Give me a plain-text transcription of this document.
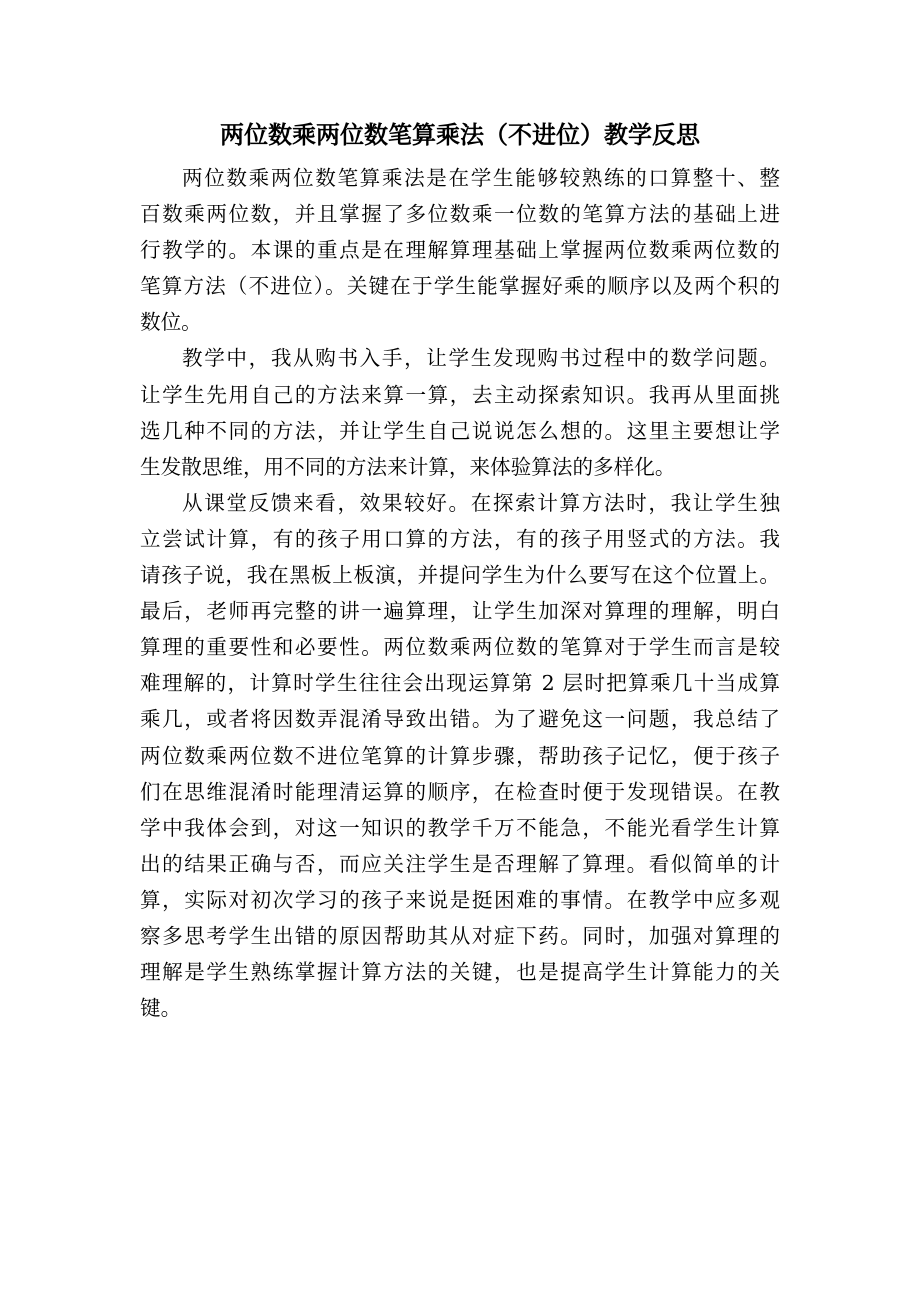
两位数乘两位数笔算乘法（不进位）教学反思
两位数乘两位数笔算乘法是在学生能够较熟练的口算整十、整
百数乘两位数，并且掌握了多位数乘一位数的笔算方法的基础上进
行教学的。本课的重点是在理解算理基础上掌握两位数乘两位数的
笔算方法（不进位）。关键在于学生能掌握好乘的顺序以及两个积的
数位。
教学中，我从购书入手，让学生发现购书过程中的数学问题。
让学生先用自己的方法来算一算，去主动探索知识。我再从里面挑
选几种不同的方法，并让学生自己说说怎么想的。这里主要想让学
生发散思维，用不同的方法来计算，来体验算法的多样化。
从课堂反馈来看，效果较好。在探索计算方法时，我让学生独
立尝试计算，有的孩子用口算的方法，有的孩子用竖式的方法。我
请孩子说，我在黑板上板演，并提问学生为什么要写在这个位置上。
最后，老师再完整的讲一遍算理，让学生加深对算理的理解，明白
算理的重要性和必要性。两位数乘两位数的笔算对于学生而言是较
难理解的，计算时学生往往会出现运算第 2 层时把算乘几十当成算
乘几，或者将因数弄混淆导致出错。为了避免这一问题，我总结了
两位数乘两位数不进位笔算的计算步骤，帮助孩子记忆，便于孩子
们在思维混淆时能理清运算的顺序，在检查时便于发现错误。在教
学中我体会到，对这一知识的教学千万不能急，不能光看学生计算
出的结果正确与否，而应关注学生是否理解了算理。看似简单的计
算，实际对初次学习的孩子来说是挺困难的事情。在教学中应多观
察多思考学生出错的原因帮助其从对症下药。同时，加强对算理的
理解是学生熟练掌握计算方法的关键，也是提高学生计算能力的关
键。
